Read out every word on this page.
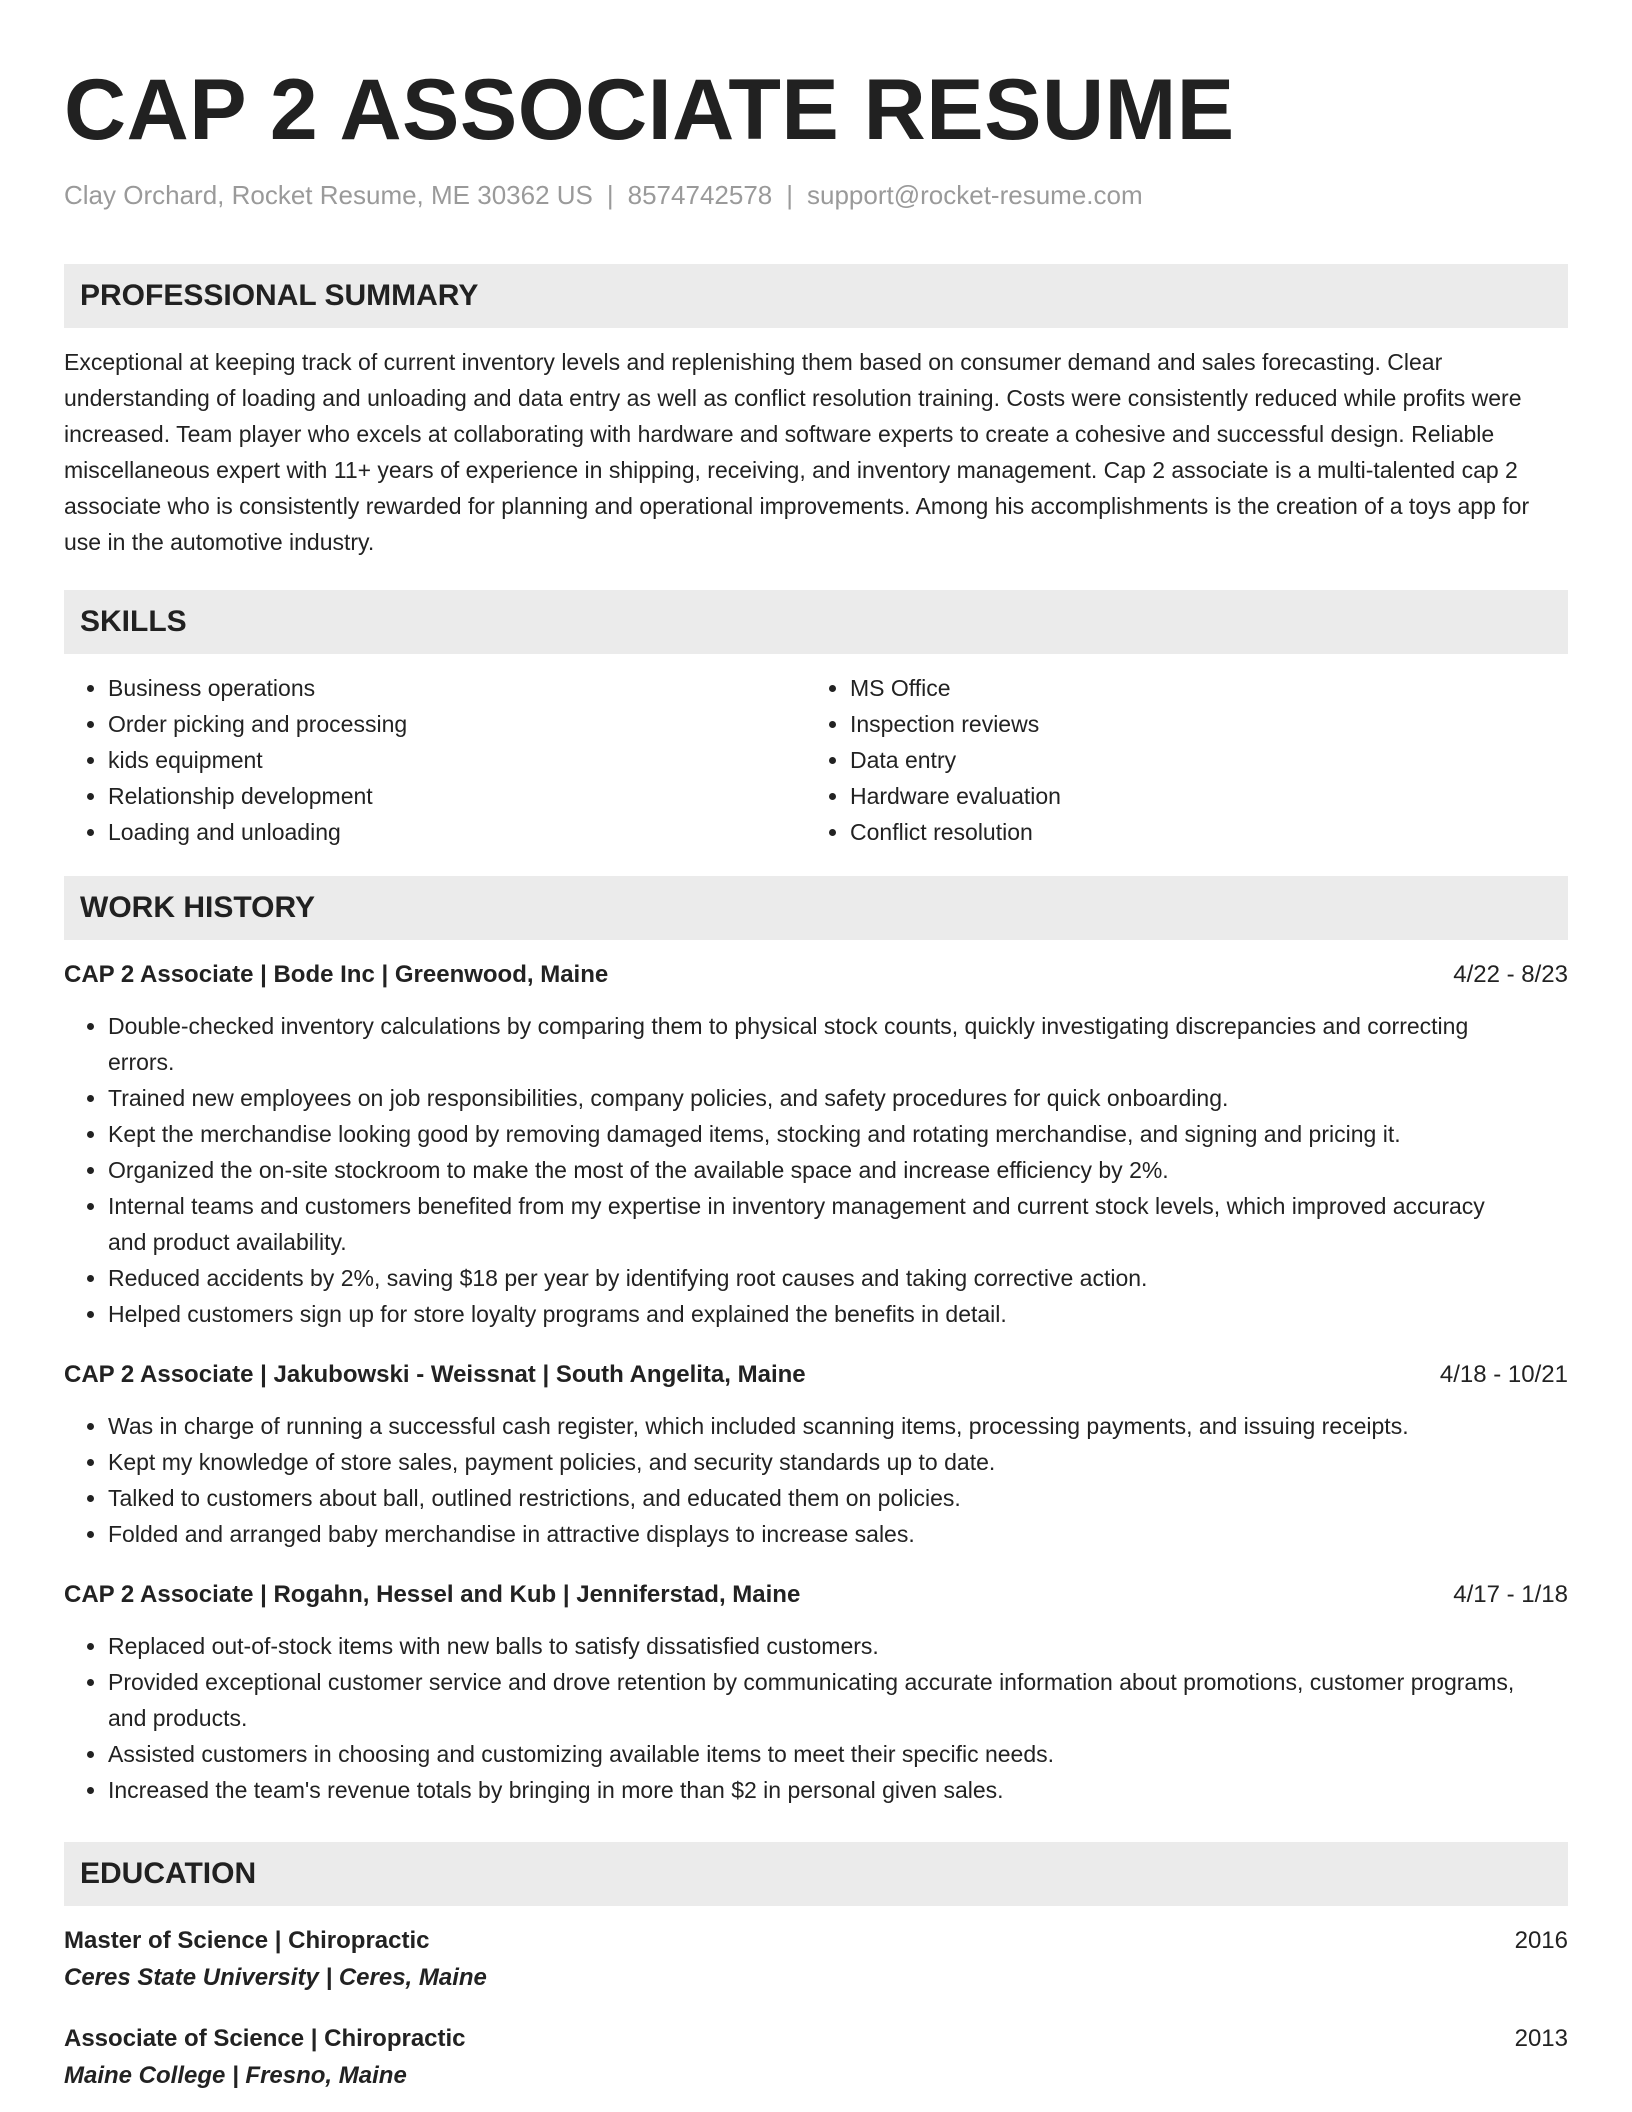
CAP 2 ASSOCIATE RESUME
Clay Orchard, Rocket Resume, ME 30362 US | 8574742578 | support@rocket-resume.com
PROFESSIONAL SUMMARY
Exceptional at keeping track of current inventory levels and replenishing them based on consumer demand and sales forecasting. Clear understanding of loading and unloading and data entry as well as conflict resolution training. Costs were consistently reduced while profits were increased. Team player who excels at collaborating with hardware and software experts to create a cohesive and successful design. Reliable miscellaneous expert with 11+ years of experience in shipping, receiving, and inventory management. Cap 2 associate is a multi-talented cap 2 associate who is consistently rewarded for planning and operational improvements. Among his accomplishments is the creation of a toys app for use in the automotive industry.
SKILLS
• Business operations
• Order picking and processing
• kids equipment
• Relationship development
• Loading and unloading
• MS Office
• Inspection reviews
• Data entry
• Hardware evaluation
• Conflict resolution
WORK HISTORY
CAP 2 Associate | Bode Inc | Greenwood, Maine	4/22 - 8/23
• Double-checked inventory calculations by comparing them to physical stock counts, quickly investigating discrepancies and correcting errors.
• Trained new employees on job responsibilities, company policies, and safety procedures for quick onboarding.
• Kept the merchandise looking good by removing damaged items, stocking and rotating merchandise, and signing and pricing it.
• Organized the on-site stockroom to make the most of the available space and increase efficiency by 2%.
• Internal teams and customers benefited from my expertise in inventory management and current stock levels, which improved accuracy and product availability.
• Reduced accidents by 2%, saving $18 per year by identifying root causes and taking corrective action.
• Helped customers sign up for store loyalty programs and explained the benefits in detail.
CAP 2 Associate | Jakubowski - Weissnat | South Angelita, Maine	4/18 - 10/21
• Was in charge of running a successful cash register, which included scanning items, processing payments, and issuing receipts.
• Kept my knowledge of store sales, payment policies, and security standards up to date.
• Talked to customers about ball, outlined restrictions, and educated them on policies.
• Folded and arranged baby merchandise in attractive displays to increase sales.
CAP 2 Associate | Rogahn, Hessel and Kub | Jenniferstad, Maine	4/17 - 1/18
• Replaced out-of-stock items with new balls to satisfy dissatisfied customers.
• Provided exceptional customer service and drove retention by communicating accurate information about promotions, customer programs, and products.
• Assisted customers in choosing and customizing available items to meet their specific needs.
• Increased the team's revenue totals by bringing in more than $2 in personal given sales.
EDUCATION
Master of Science | Chiropractic	2016
Ceres State University | Ceres, Maine
Associate of Science | Chiropractic	2013
Maine College | Fresno, Maine
